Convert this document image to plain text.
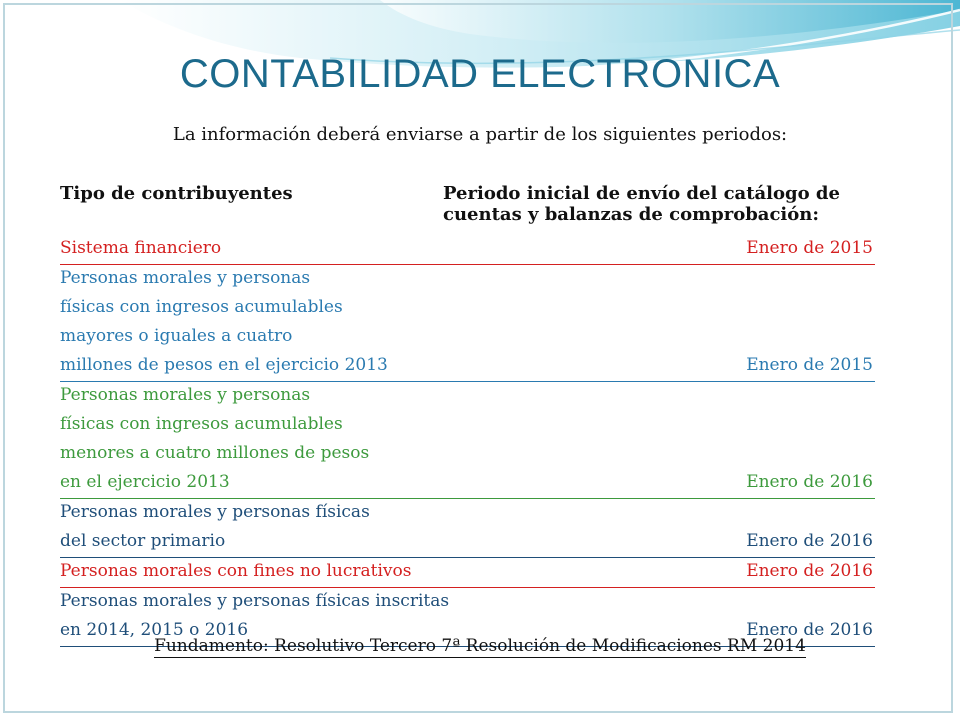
CONTABILIDAD ELECTRONICA
La información deberá enviarse a partir de los siguientes periodos:
Tipo de contribuyentes	Periodo inicial de envío del catálogo de cuentas y balanzas de comprobación:
Sistema financiero	Enero de 2015
Personas morales y personas
físicas con ingresos acumulables
mayores o iguales a cuatro
millones de pesos en el ejercicio 2013	Enero de 2015
Personas morales y personas
físicas con ingresos acumulables
menores a cuatro millones de pesos
en el ejercicio 2013	Enero de 2016
Personas morales y personas físicas
del sector primario	Enero de 2016
Personas morales con fines no lucrativos	Enero de 2016
Personas morales y personas físicas inscritas
en 2014, 2015 o 2016	Enero de 2016
Fundamento: Resolutivo Tercero 7ª Resolución de Modificaciones RM 2014
